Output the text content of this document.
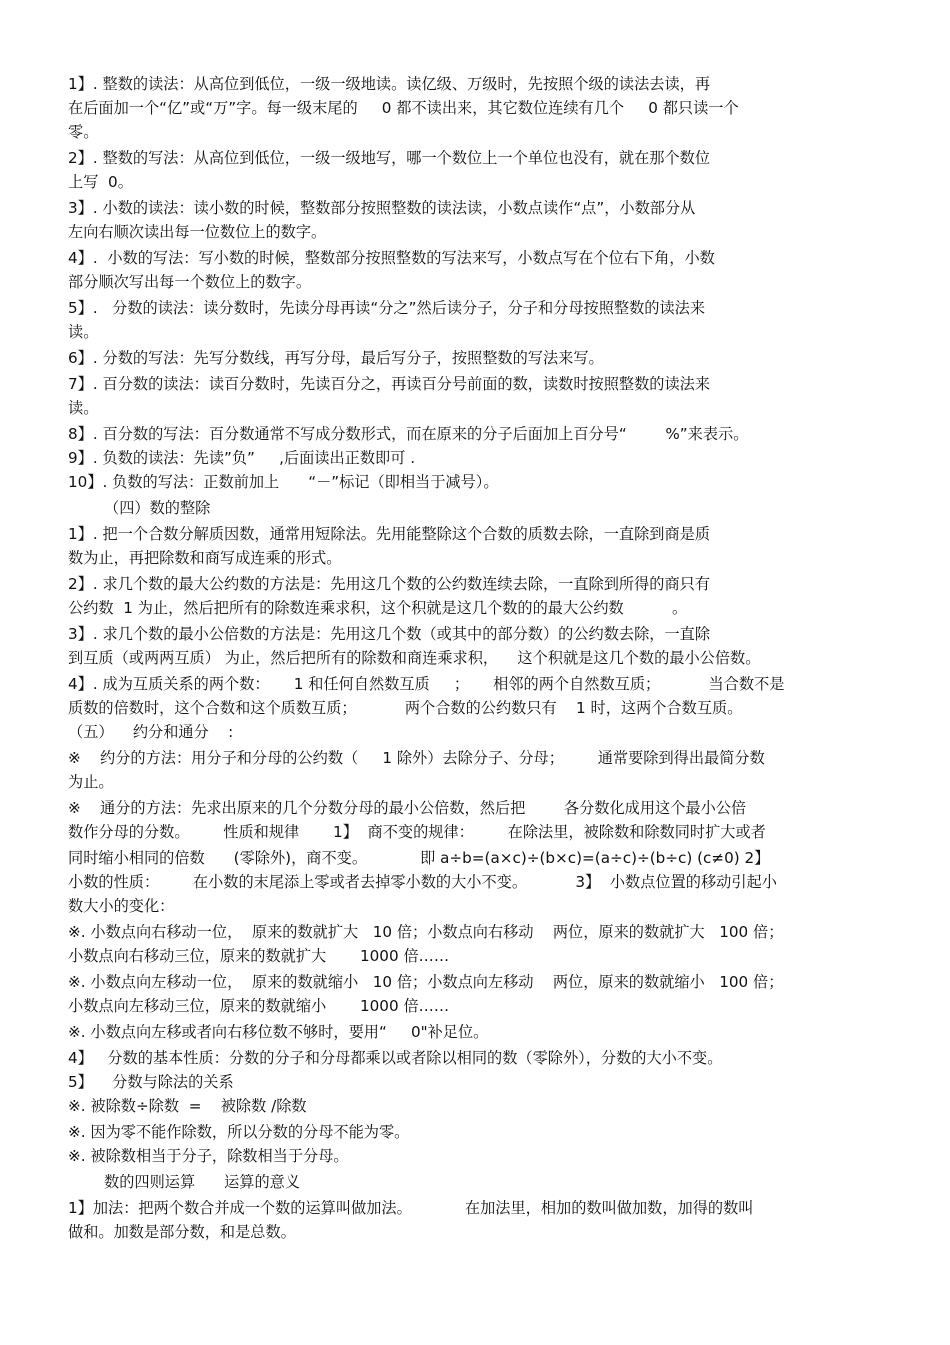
1】. 整数的读法：从高位到低位，一级一级地读。读亿级、万级时，先按照个级的读法去读，再
在后面加一个“亿”或“万”字。每一级末尾的     0 都不读出来，其它数位连续有几个     0 都只读一个
零。
2】. 整数的写法：从高位到低位，一级一级地写，哪一个数位上一个单位也没有，就在那个数位
上写  0。
3】. 小数的读法：读小数的时候，整数部分按照整数的读法读，小数点读作“点”，小数部分从
左向右顺次读出每一位数位上的数字。
4】.  小数的写法：写小数的时候，整数部分按照整数的写法来写，小数点写在个位右下角，小数
部分顺次写出每一个数位上的数字。
5】.   分数的读法：读分数时，先读分母再读“分之”然后读分子，分子和分母按照整数的读法来
读。
6】. 分数的写法：先写分数线，再写分母，最后写分子，按照整数的写法来写。
7】. 百分数的读法：读百分数时，先读百分之，再读百分号前面的数，读数时按照整数的读法来
读。
8】. 百分数的写法：百分数通常不写成分数形式，而在原来的分子后面加上百分号“        %”来表示。
9】. 负数的读法：先读”负”     ,后面读出正数即可 .
10】. 负数的写法：正数前加上      “－”标记（即相当于减号）。
（四）数的整除
1】. 把一个合数分解质因数，通常用短除法。先用能整除这个合数的质数去除，一直除到商是质
数为止，再把除数和商写成连乘的形式。
2】. 求几个数的最大公约数的方法是：先用这几个数的公约数连续去除，一直除到所得的商只有
公约数  1 为止，然后把所有的除数连乘求积，这个积就是这几个数的的最大公约数          。
3】. 求几个数的最小公倍数的方法是：先用这几个数（或其中的部分数）的公约数去除，一直除
到互质（或两两互质） 为止，然后把所有的除数和商连乘求积，    这个积就是这几个数的最小公倍数。
4】. 成为互质关系的两个数：     1 和任何自然数互质     ；     相邻的两个自然数互质；          当合数不是
质数的倍数时，这个合数和这个质数互质；          两个合数的公约数只有    1 时，这两个合数互质。
（五）    约分和通分    :
※    约分的方法：用分子和分母的公约数（     1 除外）去除分子、分母；       通常要除到得出最简分数
为止。
※    通分的方法：先求出原来的几个分数分母的最小公倍数，然后把        各分数化成用这个最小公倍
数作分母的分数。       性质和规律       1】  商不变的规律：       在除法里，被除数和除数同时扩大或者
同时缩小相同的倍数      (零除外)，商不变。           即 a÷b=(a×c)÷(b×c)=(a÷c)÷(b÷c) (c≠0) 2】
小数的性质：       在小数的末尾添上零或者去掉零小数的大小不变。          3】  小数点位置的移动引起小
数大小的变化：
※. 小数点向右移动一位，  原来的数就扩大   10 倍；小数点向右移动    两位，原来的数就扩大   100 倍；
小数点向右移动三位，原来的数就扩大       1000 倍……
※. 小数点向左移动一位，  原来的数就缩小   10 倍；小数点向左移动    两位，原来的数就缩小   100 倍；
小数点向左移动三位，原来的数就缩小       1000 倍……
※. 小数点向左移或者向右移位数不够时，要用“     0"补足位。
4】   分数的基本性质：分数的分子和分母都乘以或者除以相同的数（零除外），分数的大小不变。
5】    分数与除法的关系
※. 被除数÷除数  =    被除数 /除数
※. 因为零不能作除数，所以分数的分母不能为零。
※. 被除数相当于分子，除数相当于分母。
数的四则运算      运算的意义
1】加法：把两个数合并成一个数的运算叫做加法。           在加法里，相加的数叫做加数，加得的数叫
做和。加数是部分数，和是总数。
